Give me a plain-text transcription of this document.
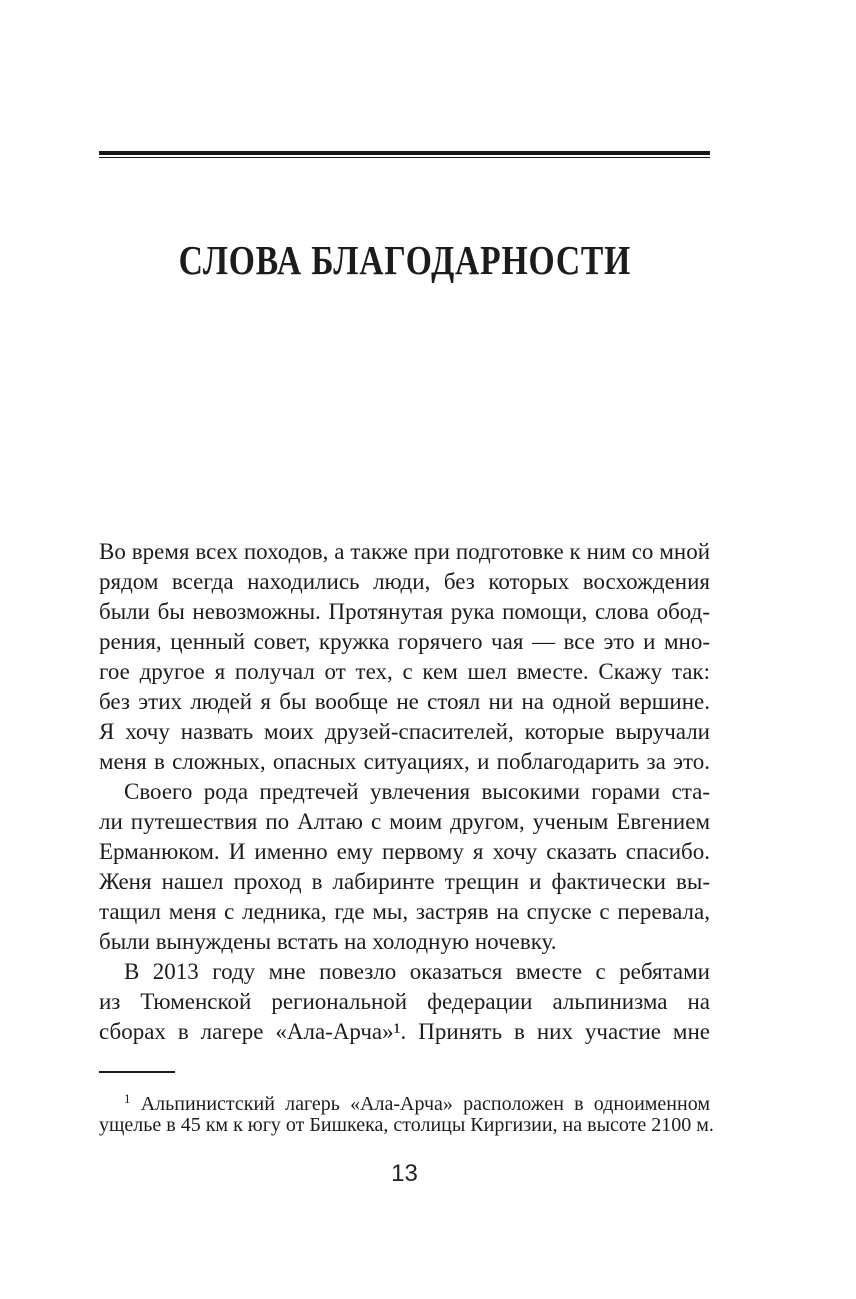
СЛОВА БЛАГОДАРНОСТИ
Во время всех походов, а также при подготовке к ним со мной
рядом всегда находились люди, без которых восхождения
были бы невозможны. Протянутая рука помощи, слова обод-
рения, ценный совет, кружка горячего чая — все это и мно-
гое другое я получал от тех, с кем шел вместе. Скажу так:
без этих людей я бы вообще не стоял ни на одной вершине.
Я хочу назвать моих друзей-спасителей, которые выручали
меня в сложных, опасных ситуациях, и поблагодарить за это.
Своего рода предтечей увлечения высокими горами ста-
ли путешествия по Алтаю с моим другом, ученым Евгением
Ерманюком. И именно ему первому я хочу сказать спасибо.
Женя нашел проход в лабиринте трещин и фактически вы-
тащил меня с ледника, где мы, застряв на спуске с перевала,
были вынуждены встать на холодную ночевку.
В 2013 году мне повезло оказаться вместе с ребятами
из Тюменской региональной федерации альпинизма на
сборах в лагере «Ала-Арча»¹. Принять в них участие мне
$^1$ Альпинистский лагерь «Ала-Арча» расположен в одноименном
ущелье в 45 км к югу от Бишкека, столицы Киргизии, на высоте 2100 м.
13
